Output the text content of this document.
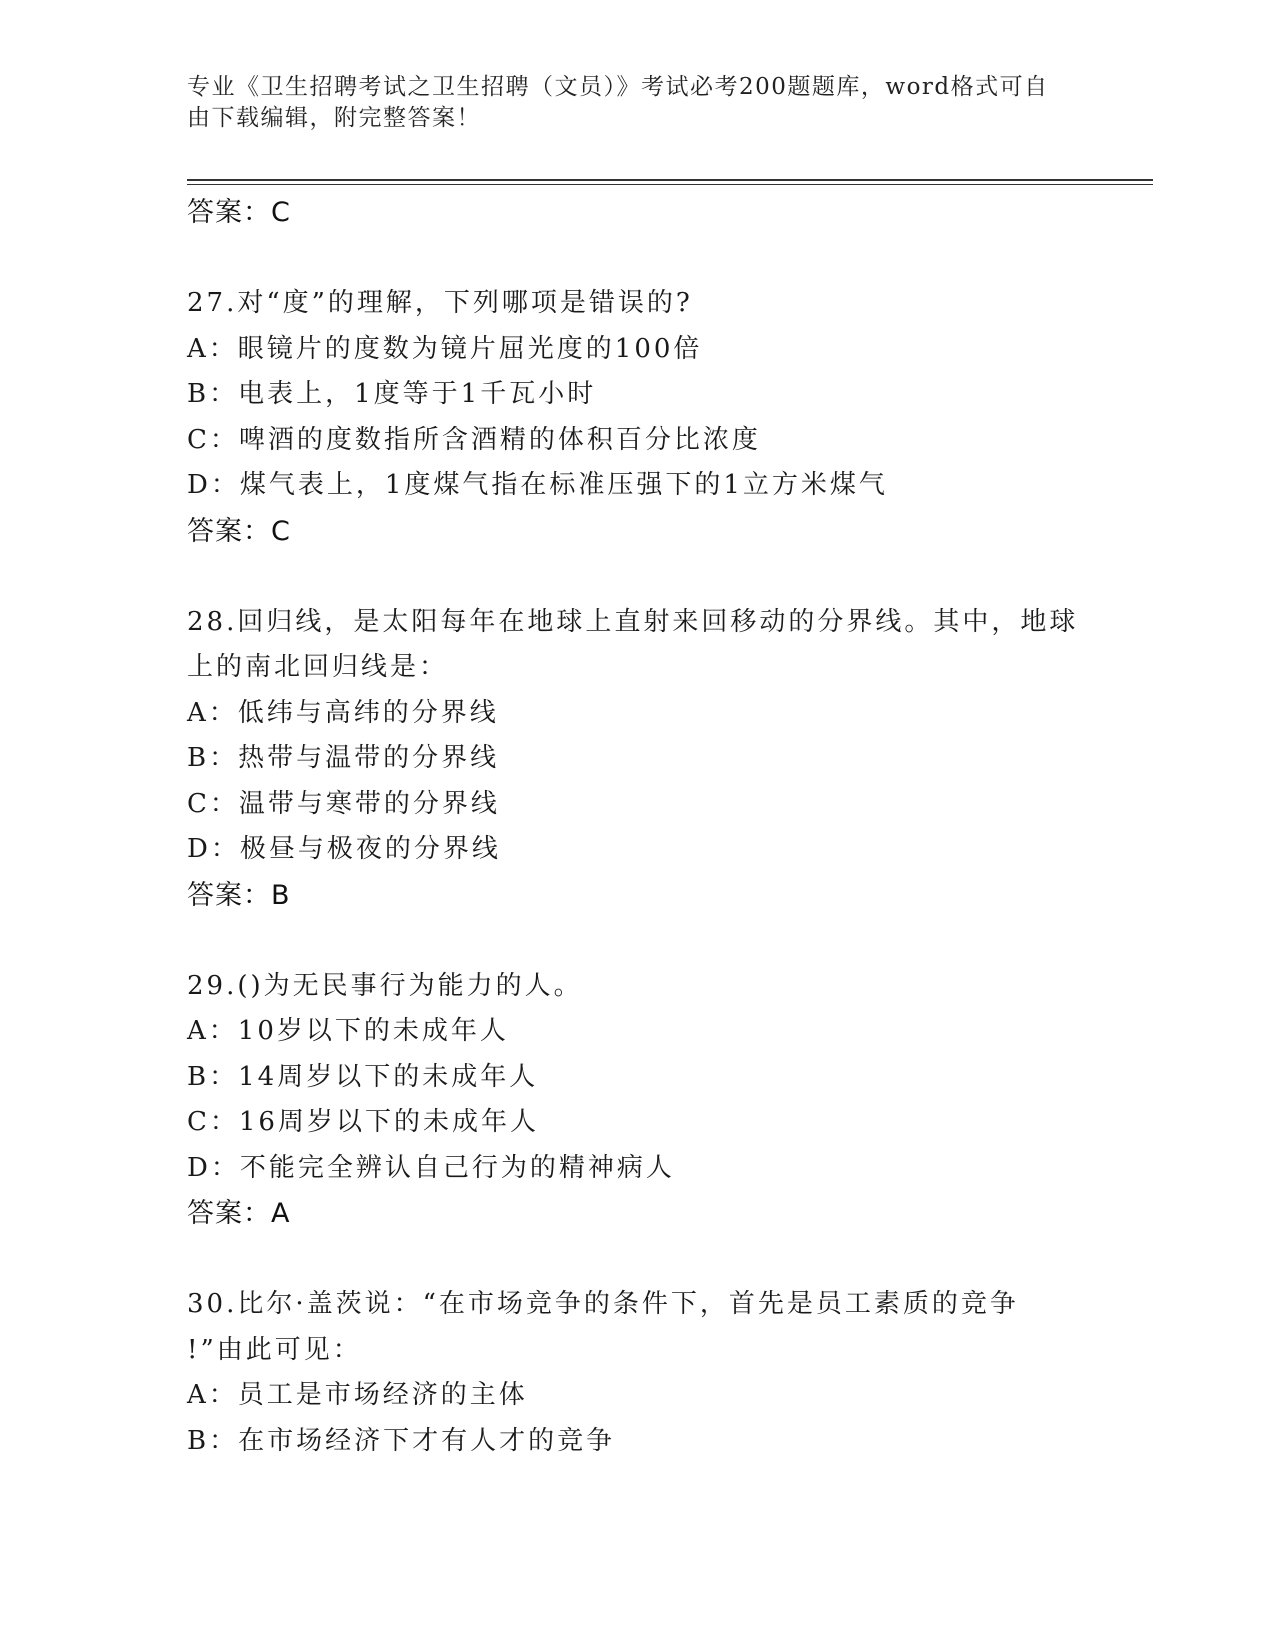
专业《卫生招聘考试之卫生招聘（文员）》考试必考200题题库，word格式可自
由下载编辑，附完整答案！
答案：C
27.对“度”的理解，下列哪项是错误的?
A：眼镜片的度数为镜片屈光度的100倍
B：电表上，1度等于1千瓦小时
C：啤酒的度数指所含酒精的体积百分比浓度
D：煤气表上，1度煤气指在标准压强下的1立方米煤气
答案：C
28.回归线，是太阳每年在地球上直射来回移动的分界线。其中，地球
上的南北回归线是：
A：低纬与高纬的分界线
B：热带与温带的分界线
C：温带与寒带的分界线
D：极昼与极夜的分界线
答案：B
29.()为无民事行为能力的人。
A：10岁以下的未成年人
B：14周岁以下的未成年人
C：16周岁以下的未成年人
D：不能完全辨认自己行为的精神病人
答案：A
30.比尔·盖茨说：“在市场竞争的条件下，首先是员工素质的竞争
!”由此可见：
A：员工是市场经济的主体
B：在市场经济下才有人才的竞争
